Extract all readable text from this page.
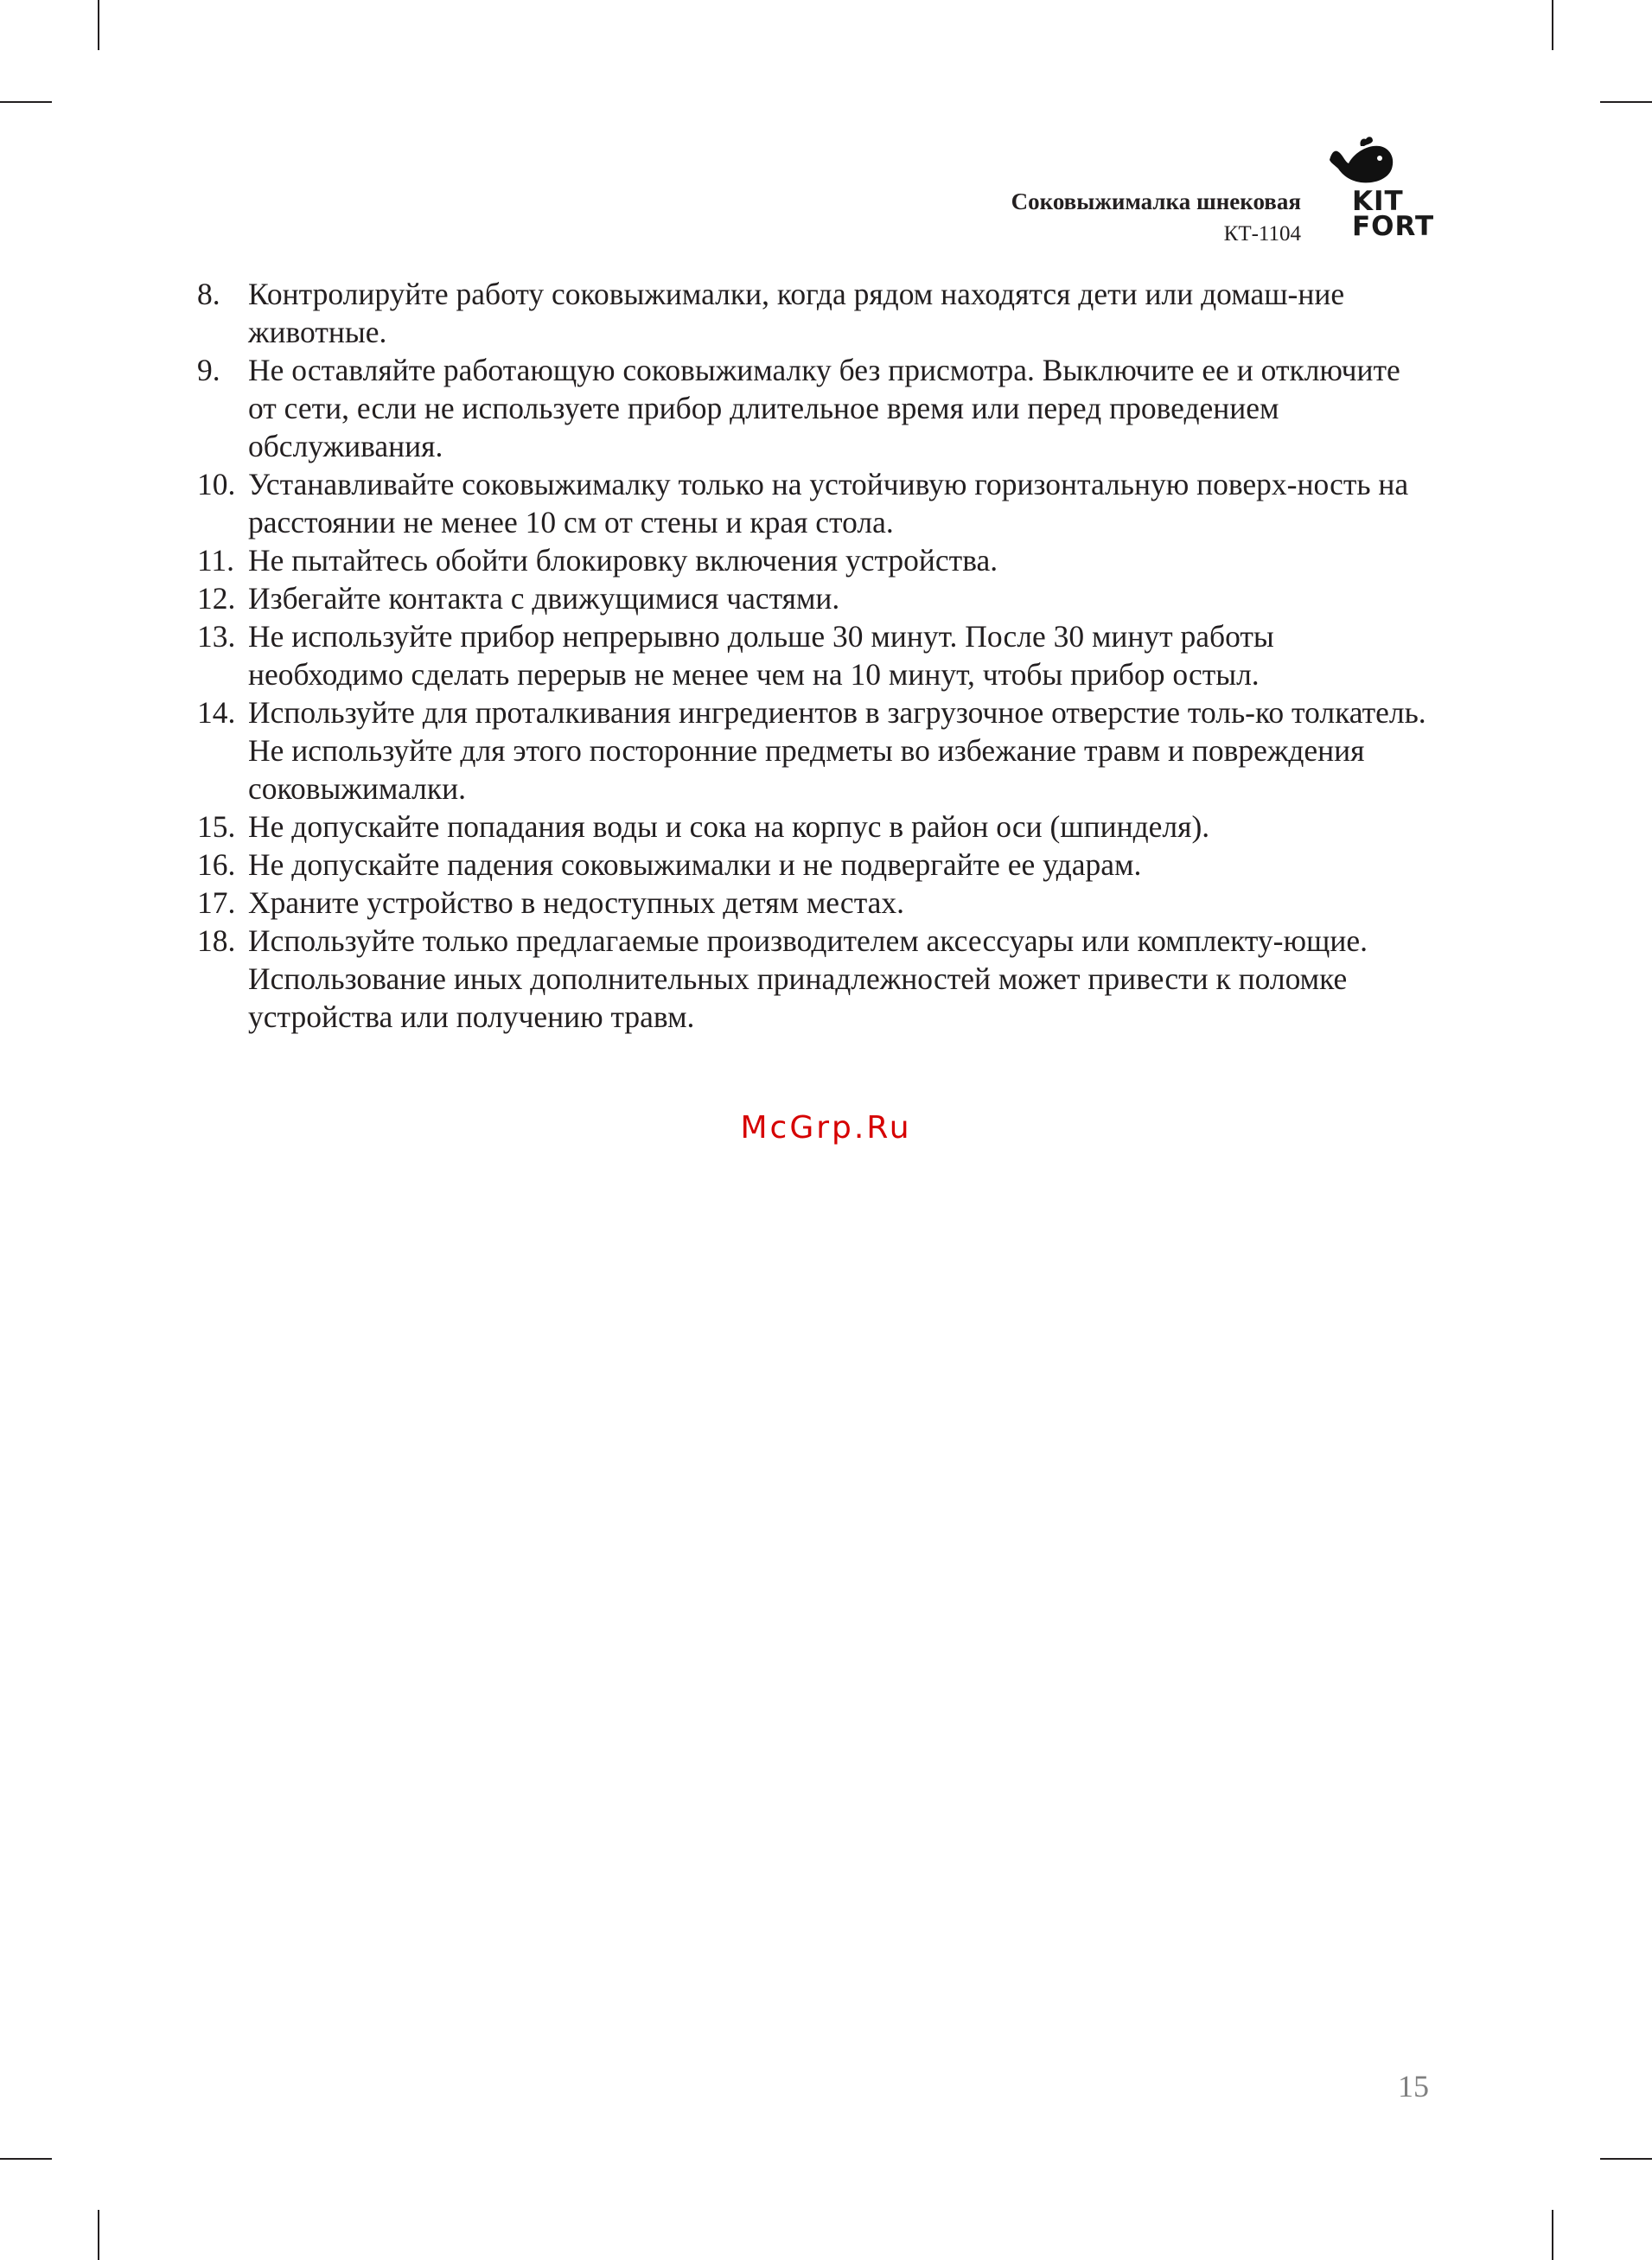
Соковыжималка шнековая
КТ-1104
KIT
FORT
8. Контролируйте работу соковыжималки, когда рядом находятся дети или домаш-ние животные.
9. Не оставляйте работающую соковыжималку без присмотра. Выключите ее и отключите от сети, если не используете прибор длительное время или перед проведением обслуживания.
10. Устанавливайте соковыжималку только на устойчивую горизонтальную поверх-ность на расстоянии не менее 10 см от стены и края стола.
11. Не пытайтесь обойти блокировку включения устройства.
12. Избегайте контакта с движущимися частями.
13. Не используйте прибор непрерывно дольше 30 минут. После 30 минут работы необходимо сделать перерыв не менее чем на 10 минут, чтобы прибор остыл.
14. Используйте для проталкивания ингредиентов в загрузочное отверстие толь-ко толкатель. Не используйте для этого посторонние предметы во избежание травм и повреждения соковыжималки.
15. Не допускайте попадания воды и сока на корпус в район оси (шпинделя).
16. Не допускайте падения соковыжималки и не подвергайте ее ударам.
17. Храните устройство в недоступных детям местах.
18. Используйте только предлагаемые производителем аксессуары или комплекту-ющие. Использование иных дополнительных принадлежностей может привести к поломке устройства или получению травм.
McGrp.Ru
15
